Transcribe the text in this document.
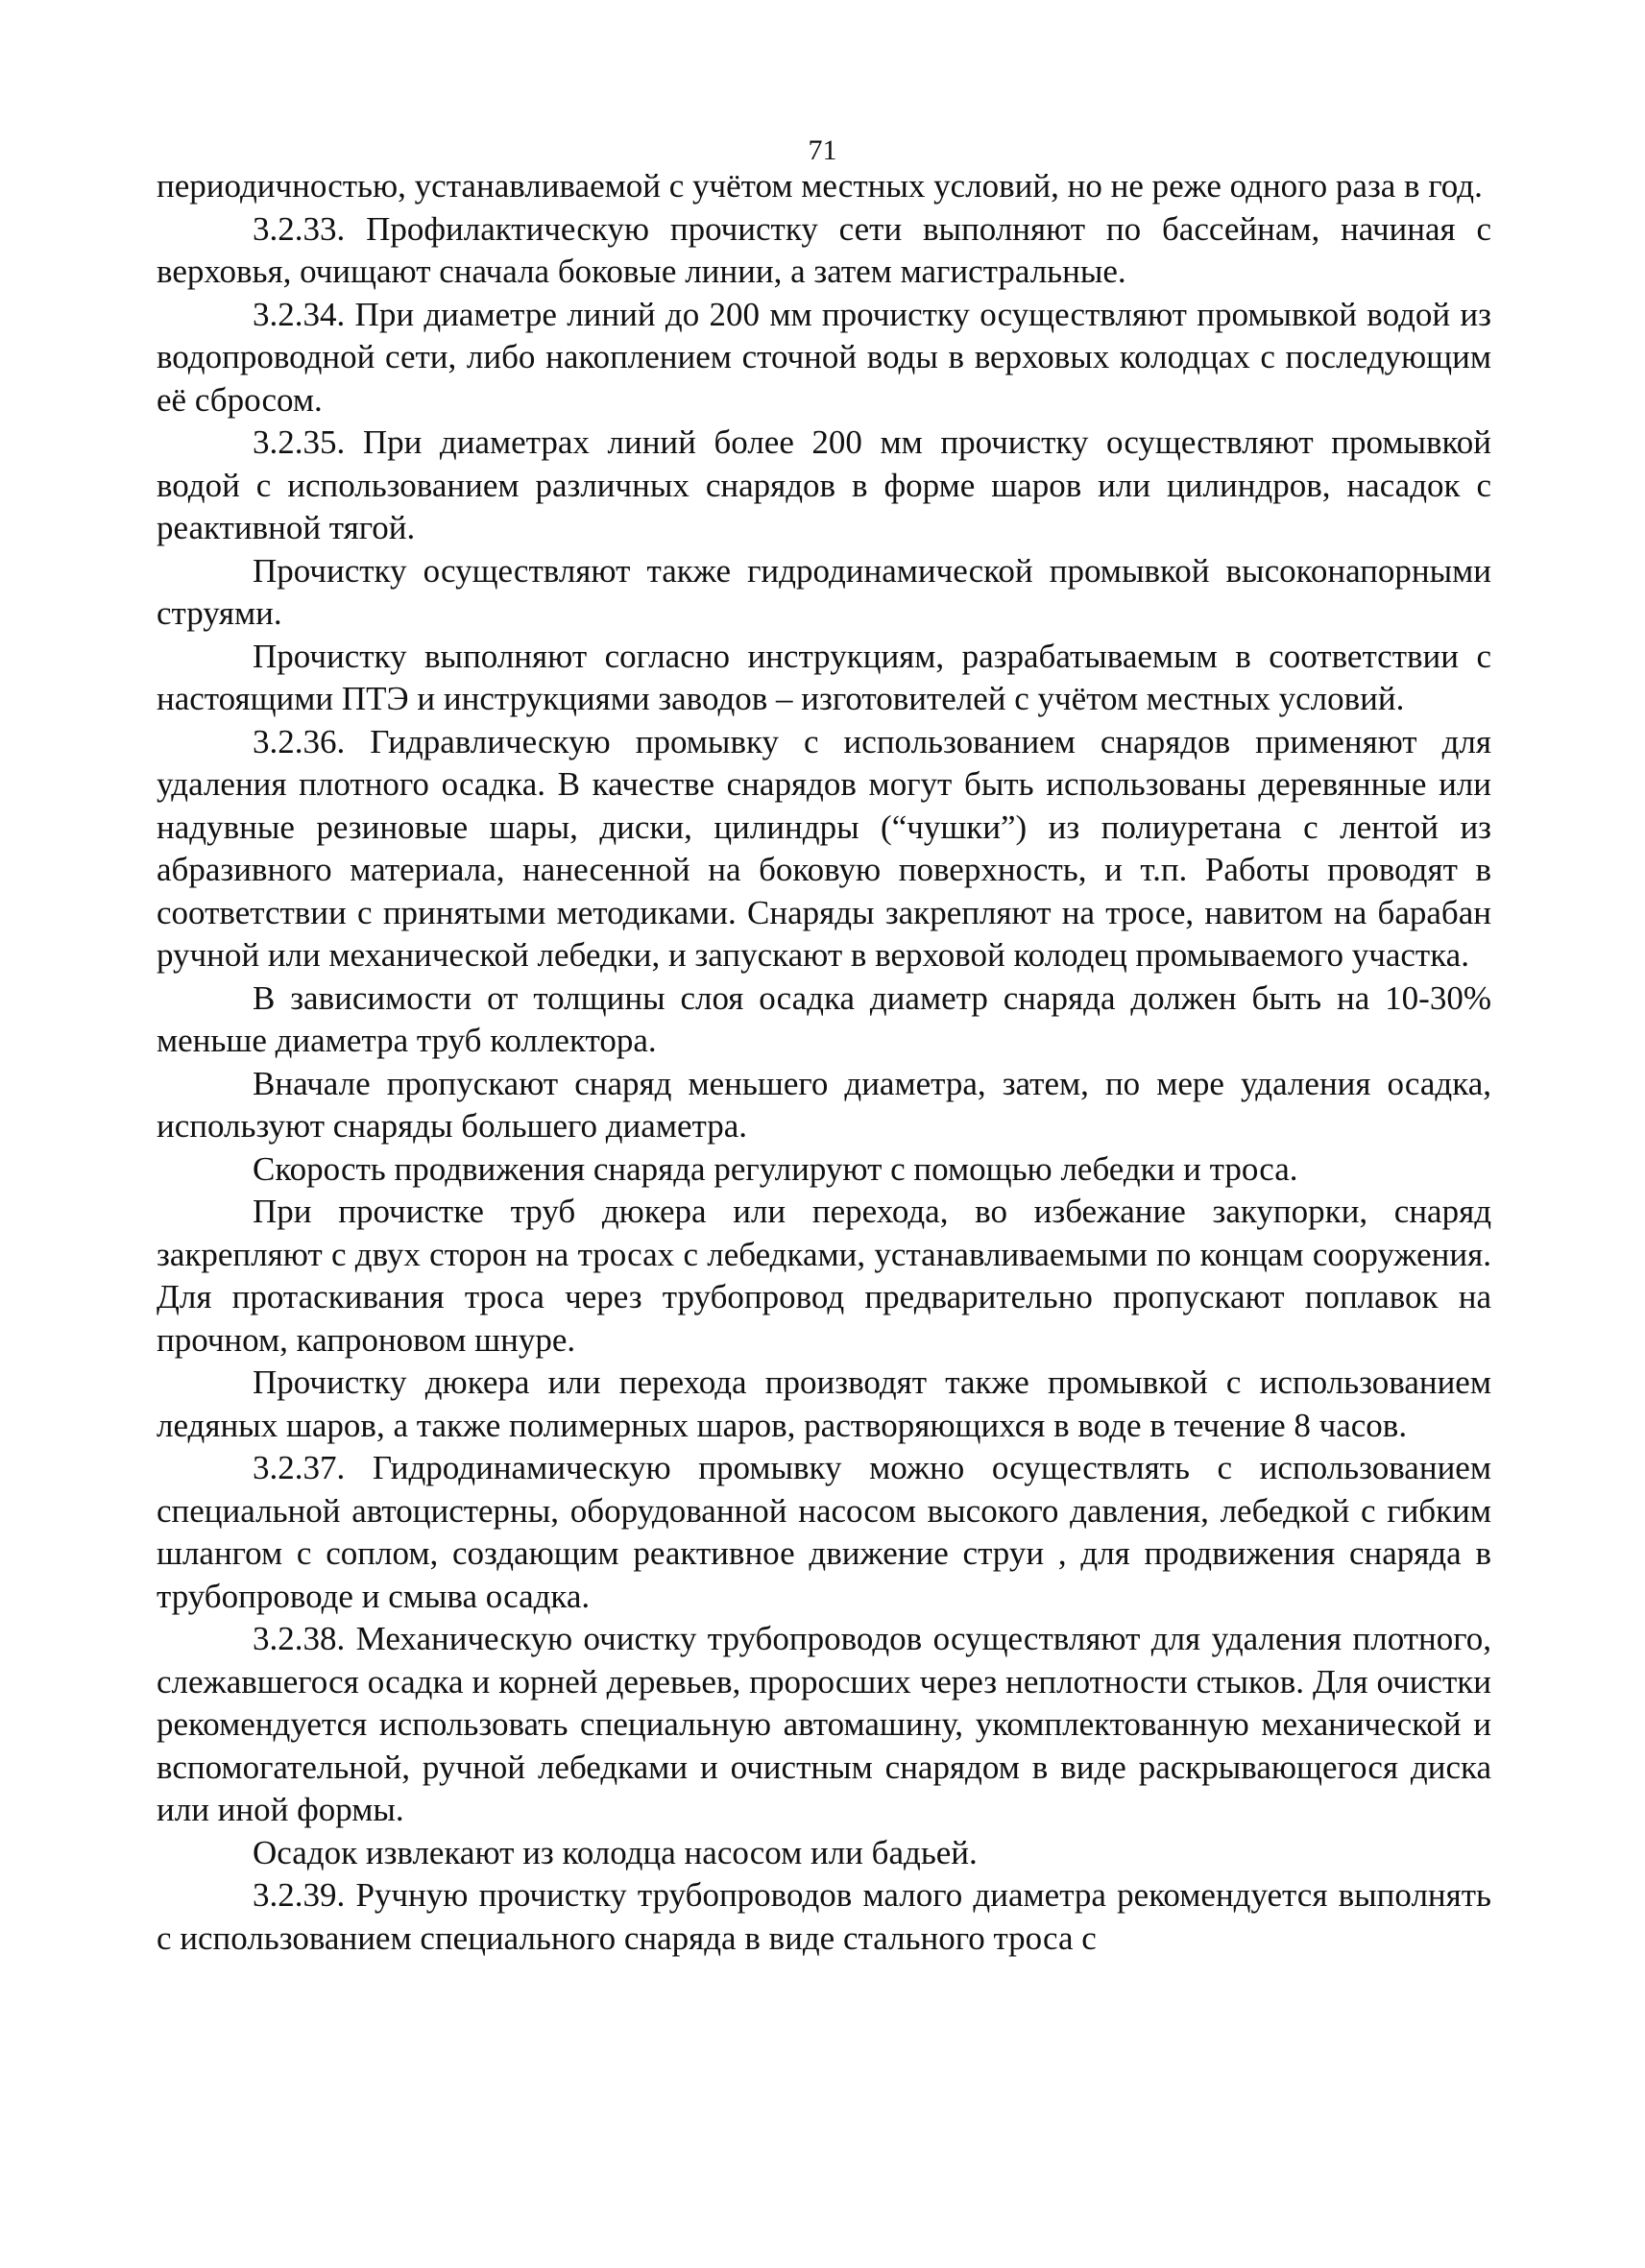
71

периодичностью, устанавливаемой с учётом местных условий, но не реже одного раза в год.

3.2.33. Профилактическую прочистку сети выполняют по бассейнам, начиная с верховья, очищают сначала боковые линии, а затем магистральные.

3.2.34. При диаметре линий до 200 мм прочистку осуществляют промывкой водой из водопроводной сети, либо накоплением сточной воды в верховых колодцах с последующим её сбросом.

3.2.35. При диаметрах линий более 200 мм прочистку осуществляют промывкой водой с использованием различных снарядов в форме шаров или цилиндров, насадок с реактивной тягой.

Прочистку осуществляют также гидродинамической промывкой высоконапорными струями.

Прочистку выполняют согласно инструкциям, разрабатываемым в соответствии с настоящими ПТЭ и инструкциями заводов – изготовителей с учётом местных условий.

3.2.36. Гидравлическую промывку с использованием снарядов применяют для удаления плотного осадка. В качестве снарядов могут быть использованы деревянные или надувные резиновые шары, диски, цилиндры (“чушки”) из полиуретана с лентой из абразивного материала, нанесенной на боковую поверхность, и т.п. Работы проводят в соответствии с принятыми методиками. Снаряды закрепляют на тросе, навитом на барабан ручной или механической лебедки, и запускают в верховой колодец промываемого участка.

В зависимости от толщины слоя осадка диаметр снаряда должен быть на 10-30% меньше диаметра труб коллектора.

Вначале пропускают снаряд меньшего диаметра, затем, по мере удаления осадка, используют снаряды большего диаметра.

Скорость продвижения снаряда регулируют с помощью лебедки и троса.

При прочистке труб дюкера или перехода, во избежание закупорки, снаряд закрепляют с двух сторон на тросах с лебедками, устанавливаемыми по концам сооружения. Для протаскивания троса через трубопровод предварительно пропускают поплавок на прочном, капроновом шнуре.

Прочистку дюкера или перехода производят также промывкой с использованием ледяных шаров, а также полимерных шаров, растворяющихся в воде в течение 8 часов.

3.2.37. Гидродинамическую промывку можно осуществлять с использованием специальной автоцистерны, оборудованной насосом высокого давления, лебедкой с гибким шлангом с соплом, создающим реактивное движение струи , для продвижения снаряда в трубопроводе и смыва осадка.

3.2.38. Механическую очистку трубопроводов осуществляют для удаления плотного, слежавшегося осадка и корней деревьев, проросших через неплотности стыков. Для очистки рекомендуется использовать специальную автомашину, укомплектованную механической и вспомогательной, ручной лебедками и очистным снарядом в виде раскрывающегося диска или иной формы.

Осадок извлекают из колодца насосом или бадьей.

3.2.39. Ручную прочистку трубопроводов малого диаметра рекомендуется выполнять с использованием специального снаряда в виде стального троса с
